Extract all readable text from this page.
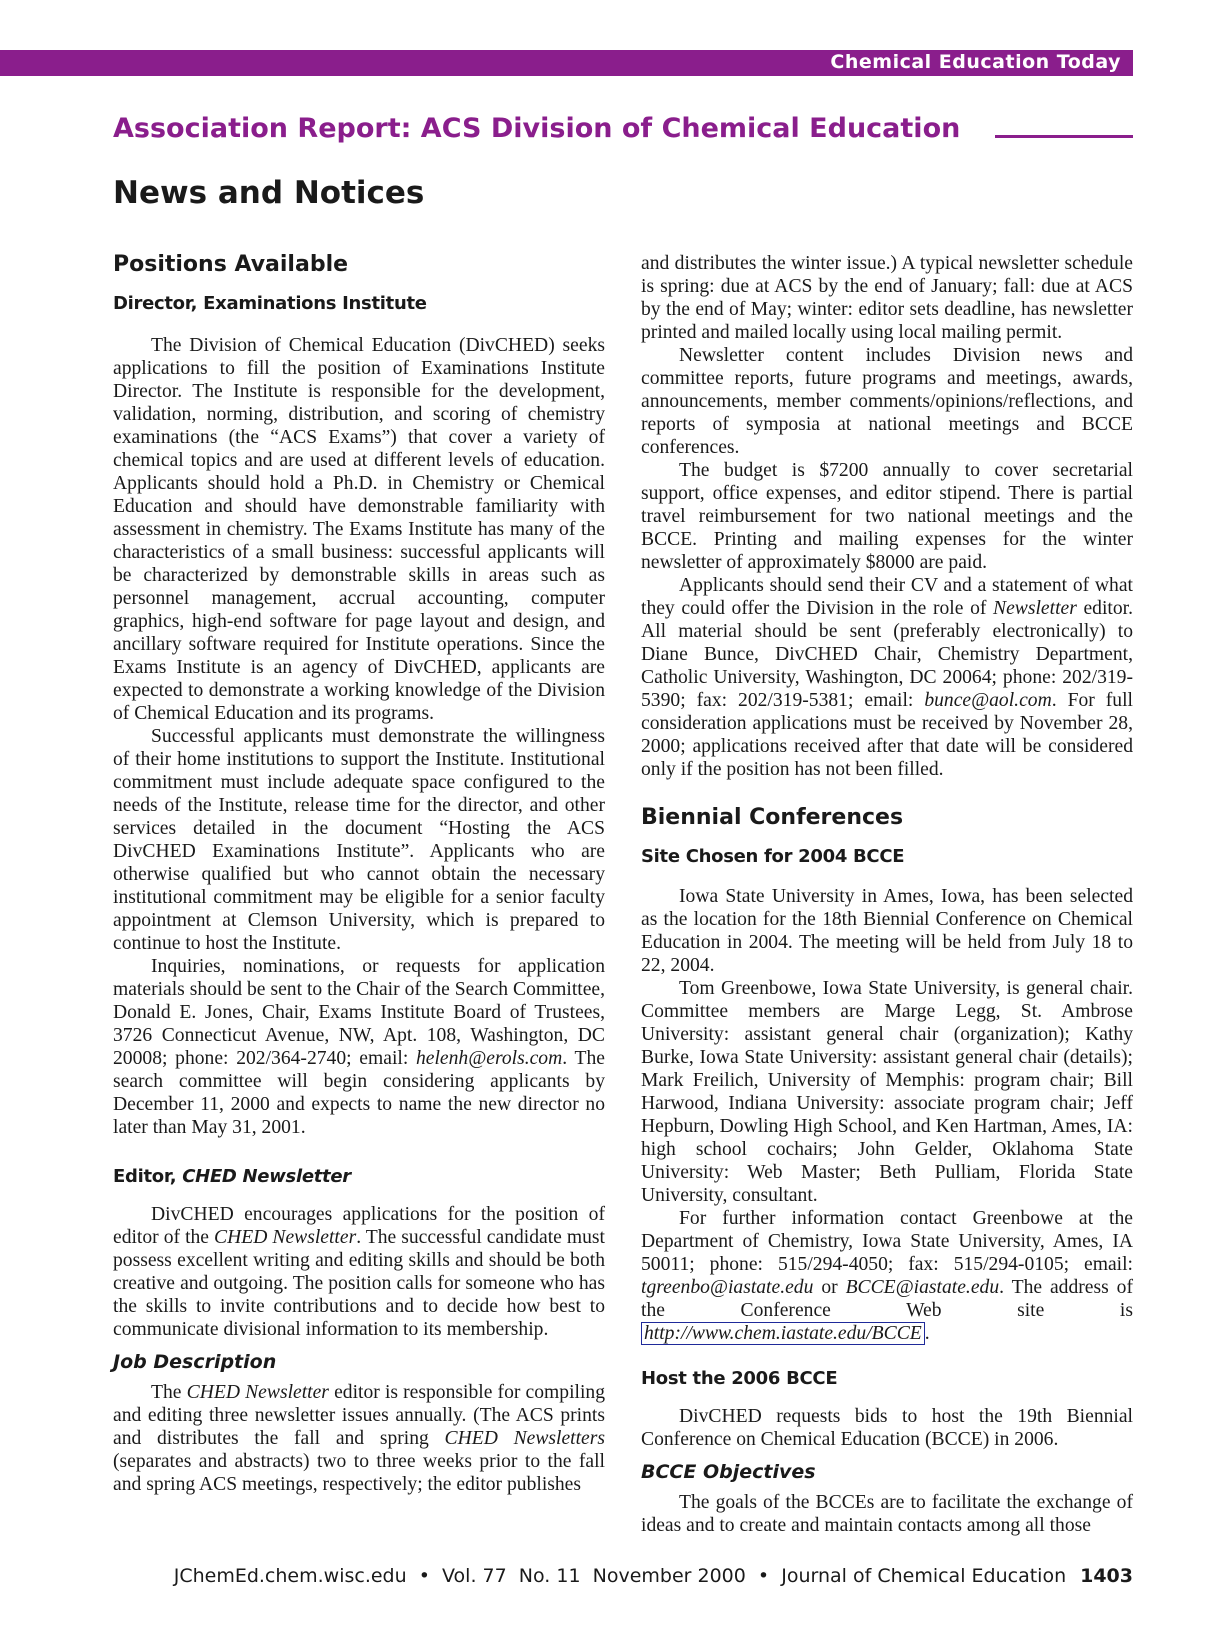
Chemical Education Today
Association Report: ACS Division of Chemical Education
News and Notices
Positions Available
Director, Examinations Institute

The Division of Chemical Education (DivCHED) seeks applications to fill the position of Examinations Institute Director. The Institute is responsible for the development, validation, norming, distribution, and scoring of chemistry examinations (the “ACS Exams”) that cover a variety of chemical topics and are used at different levels of education. Applicants should hold a Ph.D. in Chemistry or Chemical Education and should have demonstrable familiarity with assessment in chemistry. The Exams Institute has many of the characteristics of a small business: successful applicants will be characterized by demonstrable skills in areas such as personnel management, accrual accounting, computer graphics, high-end software for page layout and design, and ancillary software required for Institute operations. Since the Exams Institute is an agency of DivCHED, applicants are expected to demonstrate a working knowledge of the Division of Chemical Education and its programs.

Successful applicants must demonstrate the willingness of their home institutions to support the Institute. Institutional commitment must include adequate space configured to the needs of the Institute, release time for the director, and other services detailed in the document “Hosting the ACS DivCHED Examinations Institute”. Applicants who are otherwise qualified but who cannot obtain the necessary institutional commitment may be eligible for a senior faculty appointment at Clemson University, which is prepared to continue to host the Institute.

Inquiries, nominations, or requests for application materials should be sent to the Chair of the Search Committee, Donald E. Jones, Chair, Exams Institute Board of Trustees, 3726 Connecticut Avenue, NW, Apt. 108, Washington, DC 20008; phone: 202/364-2740; email: helenh@erols.com. The search committee will begin considering applicants by December 11, 2000 and expects to name the new director no later than May 31, 2001.

Editor, CHED Newsletter

DivCHED encourages applications for the position of editor of the CHED Newsletter. The successful candidate must possess excellent writing and editing skills and should be both creative and outgoing. The position calls for someone who has the skills to invite contributions and to decide how best to communicate divisional information to its membership.

Job Description

The CHED Newsletter editor is responsible for compiling and editing three newsletter issues annually. (The ACS prints and distributes the fall and spring CHED Newsletters (separates and abstracts) two to three weeks prior to the fall and spring ACS meetings, respectively; the editor publishes

and distributes the winter issue.) A typical newsletter schedule is spring: due at ACS by the end of January; fall: due at ACS by the end of May; winter: editor sets deadline, has newsletter printed and mailed locally using local mailing permit.

Newsletter content includes Division news and committee reports, future programs and meetings, awards, announcements, member comments/opinions/reflections, and reports of symposia at national meetings and BCCE conferences.

The budget is $7200 annually to cover secretarial support, office expenses, and editor stipend. There is partial travel reimbursement for two national meetings and the BCCE. Printing and mailing expenses for the winter newsletter of approximately $8000 are paid.

Applicants should send their CV and a statement of what they could offer the Division in the role of Newsletter editor. All material should be sent (preferably electronically) to Diane Bunce, DivCHED Chair, Chemistry Department, Catholic University, Washington, DC 20064; phone: 202/319-5390; fax: 202/319-5381; email: bunce@aol.com. For full consideration applications must be received by November 28, 2000; applications received after that date will be considered only if the position has not been filled.

Biennial Conferences
Site Chosen for 2004 BCCE

Iowa State University in Ames, Iowa, has been selected as the location for the 18th Biennial Conference on Chemical Education in 2004. The meeting will be held from July 18 to 22, 2004.

Tom Greenbowe, Iowa State University, is general chair. Committee members are Marge Legg, St. Ambrose University: assistant general chair (organization); Kathy Burke, Iowa State University: assistant general chair (details); Mark Freilich, University of Memphis: program chair; Bill Harwood, Indiana University: associate program chair; Jeff Hepburn, Dowling High School, and Ken Hartman, Ames, IA: high school cochairs; John Gelder, Oklahoma State University: Web Master; Beth Pulliam, Florida State University, consultant.

For further information contact Greenbowe at the Department of Chemistry, Iowa State University, Ames, IA 50011; phone: 515/294-4050; fax: 515/294-0105; email: tgreenbo@iastate.edu or BCCE@iastate.edu. The address of the Conference Web site is http://www.chem.iastate.edu/BCCE .

Host the 2006 BCCE

DivCHED requests bids to host the 19th Biennial Conference on Chemical Education (BCCE) in 2006.

BCCE Objectives

The goals of the BCCEs are to facilitate the exchange of ideas and to create and maintain contacts among all those

JChemEd.chem.wisc.edu  •  Vol. 77  No. 11  November 2000  •  Journal of Chemical Education 1403
